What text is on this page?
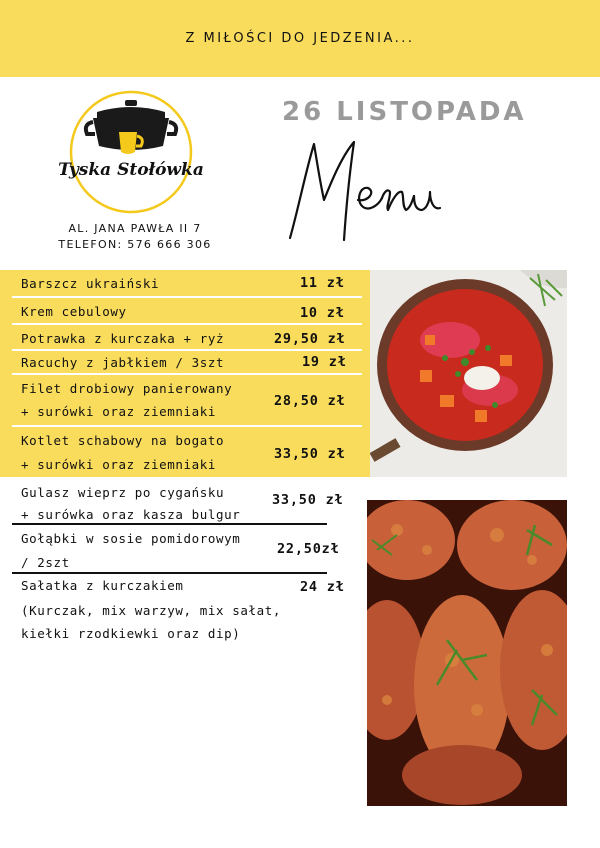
Z MIŁOŚCI DO JEDZENIA...
Tyska Stołówka
AL. JANA PAWŁA II 7
TELEFON: 576 666 306
26 LISTOPADA
Barszcz ukraiński	11 zł
Krem cebulowy	10 zł
Potrawka z kurczaka + ryż	29,50 zł
Racuchy z jabłkiem / 3szt	19 zł
Filet drobiowy panierowany
+ surówki oraz ziemniaki
28,50 zł
Kotlet schabowy na bogato
+ surówki oraz ziemniaki
33,50 zł
Gulasz wieprz po cygańsku
+ surówka oraz kasza bulgur
33,50 zł
Gołąbki w sosie pomidorowym
/ 2szt
22,50zł
Sałatka z kurczakiem
(Kurczak, mix warzyw, mix sałat,
kiełki rzodkiewki oraz dip)
24 zł
